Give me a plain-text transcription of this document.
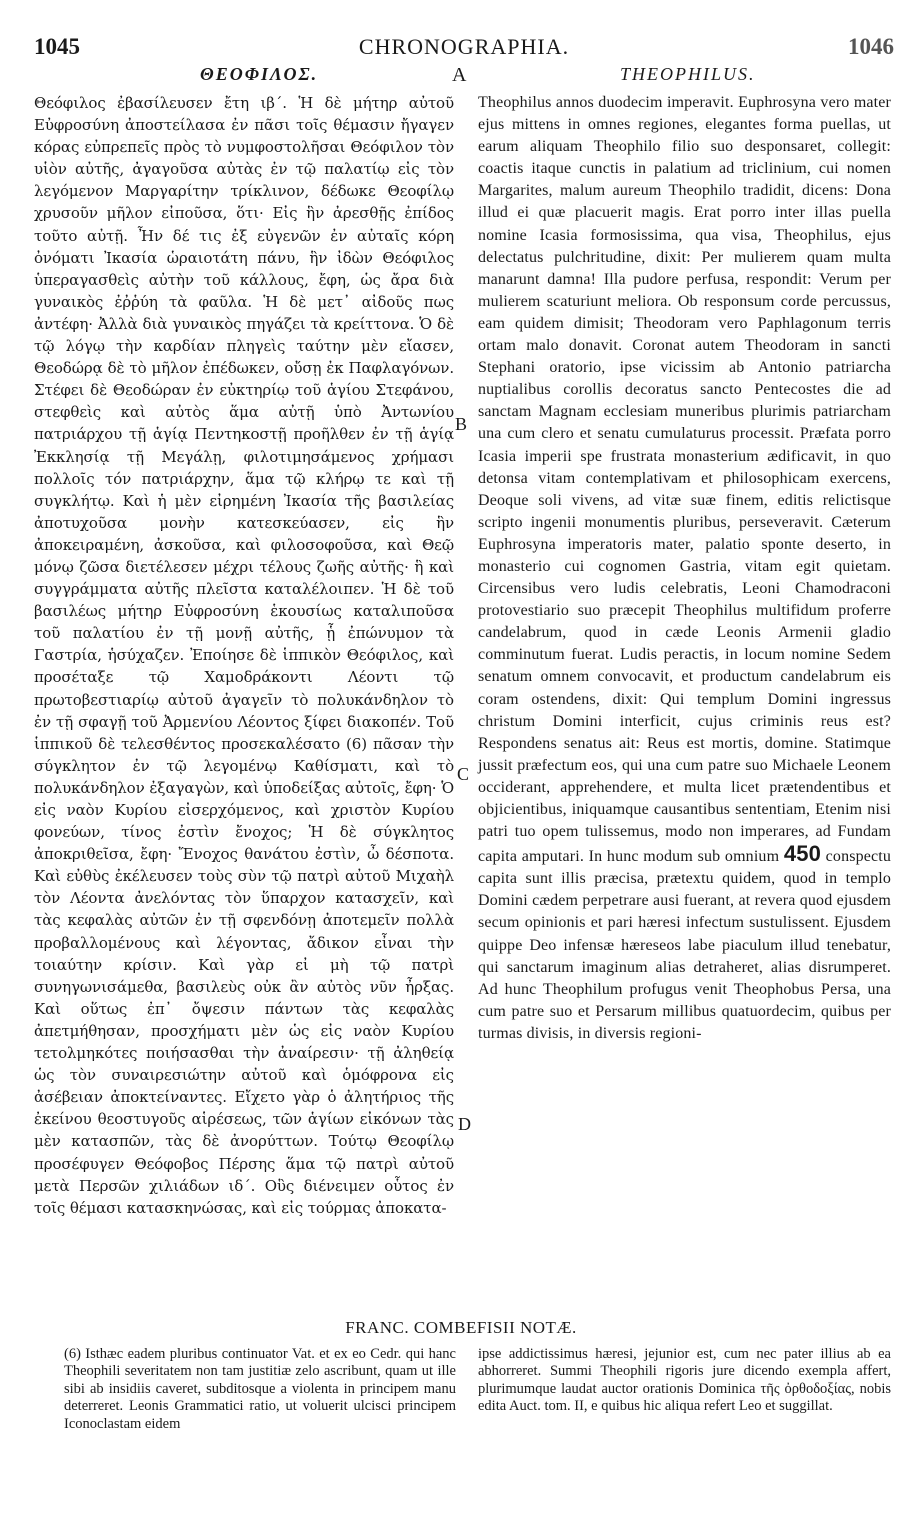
1045	CHRONOGRAPHIA.	1046
ΘΕΟΦΙΛΟΣ.	A	THEOPHILUS.
Θεόφιλος ἐβασίλευσεν ἔτη ιβ΄. Ἡ δὲ μήτηρ αὐτοῦ Εὐφροσύνη ἀποστείλασα ἐν πᾶσι τοῖς θέμασιν ἤγαγεν κόρας εὐπρεπεῖς πρὸς τὸ νυμφοστολῆσαι Θεόφιλον τὸν υἱὸν αὐτῆς, ἀγαγοῦσα αὐτὰς ἐν τῷ παλατίῳ εἰς τὸν λεγόμενον Μαργαρίτην τρίκλινον, δέδωκε Θεοφίλῳ χρυσοῦν μῆλον εἰποῦσα, ὅτι· Εἰς ἣν ἀρεσθῇς ἐπίδος τοῦτο αὐτῇ. Ἦν δέ τις ἐξ εὐγενῶν ἐν αὐταῖς κόρη ὀνόματι Ἰκασία ὡραιοτάτη πάνυ, ἣν ἰδὼν Θεόφιλος ὑπεραγασθεὶς αὐτὴν τοῦ κάλλους, ἔφη, ὡς ἄρα διὰ γυναικὸς ἐῤῥύη τὰ φαῦλα. Ἡ δὲ μετ᾽ αἰδοῦς πως ἀντέφη· Ἀλλὰ διὰ γυναικὸς πηγάζει τὰ κρείττονα. Ὁ δὲ τῷ λόγῳ τὴν καρδίαν πληγεὶς ταύτην μὲν εἴασεν, Θεοδώρᾳ δὲ τὸ μῆλον ἐπέδωκεν, οὔσῃ ἐκ Παφλαγόνων. Στέφει δὲ Θεοδώραν ἐν εὐκτηρίῳ τοῦ ἁγίου Στεφάνου, στεφθεὶς καὶ αὐτὸς ἅμα αὐτῇ ὑπὸ Ἀντωνίου πατριάρχου τῇ ἁγίᾳ Πεντηκοστῇ προῆλθεν ἐν τῇ ἁγίᾳ Ἐκκλησίᾳ τῇ Μεγάλῃ, φιλοτιμησάμενος χρήμασι πολλοῖς τόν πατριάρχην, ἅμα τῷ κλήρῳ τε καὶ τῇ συγκλήτῳ. Καὶ ἡ μὲν εἰρημένη Ἰκασία τῆς βασιλείας ἀποτυχοῦσα μονὴν κατεσκεύασεν, εἰς ἣν ἀποκειραμένη, ἀσκοῦσα, καὶ φιλοσοφοῦσα, καὶ Θεῷ μόνῳ ζῶσα διετέλεσεν μέχρι τέλους ζωῆς αὐτῆς· ἣ καὶ συγγράμματα αὐτῆς πλεῖστα καταλέλοιπεν. Ἡ δὲ τοῦ βασιλέως μήτηρ Εὐφροσύνη ἑκουσίως καταλιποῦσα τοῦ παλατίου ἐν τῇ μονῇ αὐτῆς, ᾗ ἐπώνυμον τὰ Γαστρία, ἡσύχαζεν. Ἐποίησε δὲ ἱππικὸν Θεόφιλος, καὶ προσέταξε τῷ Χαμοδράκοντι Λέοντι τῷ πρωτοβεστιαρίῳ αὐτοῦ ἀγαγεῖν τὸ πολυκάνδηλον τὸ ἐν τῇ σφαγῇ τοῦ Ἀρμενίου Λέοντος ξίφει διακοπέν. Τοῦ ἱππικοῦ δὲ τελεσθέντος προσεκαλέσατο (6) πᾶσαν τὴν σύγκλητον ἐν τῷ λεγομένῳ Καθίσματι, καὶ τὸ πολυκάνδηλον ἐξαγαγὼν, καὶ ὑποδείξας αὐτοῖς, ἔφη· Ὁ εἰς ναὸν Κυρίου εἰσερχόμενος, καὶ χριστὸν Κυρίου φονεύων, τίνος ἐστὶν ἔνοχος; Ἡ δὲ σύγκλητος ἀποκριθεῖσα, ἔφη· Ἔνοχος θανάτου ἐστὶν, ὦ δέσποτα. Καὶ εὐθὺς ἐκέλευσεν τοὺς σὺν τῷ πατρὶ αὐτοῦ Μιχαὴλ τὸν Λέοντα ἀνελόντας τὸν ὕπαρχον κατασχεῖν, καὶ τὰς κεφαλὰς αὐτῶν ἐν τῇ σφενδόνῃ ἀποτεμεῖν πολλὰ προβαλλομένους καὶ λέγοντας, ἄδικον εἶναι τὴν τοιαύτην κρίσιν. Καὶ γὰρ εἰ μὴ τῷ πατρὶ συνηγωνισάμεθα, βασιλεὺς οὐκ ἂν αὐτὸς νῦν ἦρξας. Καὶ οὕτως ἐπ᾽ ὄψεσιν πάντων τὰς κεφαλὰς ἀπετμήθησαν, προσχήματι μὲν ὡς εἰς ναὸν Κυρίου τετολμηκότες ποιήσασθαι τὴν ἀναίρεσιν· τῇ ἀληθείᾳ ὡς τὸν συναιρεσιώτην αὐτοῦ καὶ ὁμόφρονα εἰς ἀσέβειαν ἀποκτείναντες. Εἴχετο γὰρ ὁ ἀλητήριος τῆς ἐκείνου θεοστυγοῦς αἱρέσεως, τῶν ἁγίων εἰκόνων τὰς μὲν κατασπῶν, τὰς δὲ ἀνορύττων. Τούτῳ Θεοφίλῳ προσέφυγεν Θεόφοβος Πέρσης ἅμα τῷ πατρὶ αὐτοῦ μετὰ Περσῶν χιλιάδων ιδ΄. Οὓς διένειμεν οὗτος ἐν τοῖς θέμασι κατασκηνώσας, καὶ εἰς τούρμας ἀποκατα-
Theophilus annos duodecim imperavit. Euphrosyna vero mater ejus mittens in omnes regiones, elegantes forma puellas, ut earum aliquam Theophilo filio suo desponsaret, collegit: coactis itaque cunctis in palatium ad triclinium, cui nomen Margarites, malum aureum Theophilo tradidit, dicens: Dona illud ei quæ placuerit magis. Erat porro inter illas puella nomine Icasia formosissima, qua visa, Theophilus, ejus delectatus pulchritudine, dixit: Per mulierem quam multa manarunt damna! Illa pudore perfusa, respondit: Verum per mulierem scaturiunt meliora. Ob responsum corde percussus, eam quidem dimisit; Theodoram vero Paphlagonum terris ortam malo donavit. Coronat autem Theodoram in sancti Stephani oratorio, ipse vicissim ab Antonio patriarcha nuptialibus corollis decoratus sancto Pentecostes die ad sanctam Magnam ecclesiam muneribus plurimis patriarcham una cum clero et senatu cumulaturus processit. Præfata porro Icasia imperii spe frustrata monasterium ædificavit, in quo detonsa vitam contemplativam et philosophicam exercens, Deoque soli vivens, ad vitæ suæ finem, editis relictisque scripto ingenii monumentis pluribus, perseveravit. Cæterum Euphrosyna imperatoris mater, palatio sponte deserto, in monasterio cui cognomen Gastria, vitam egit quietam. Circensibus vero ludis celebratis, Leoni Chamodraconi protovestiario suo præcepit Theophilus multifidum proferre candelabrum, quod in cæde Leonis Armenii gladio comminutum fuerat. Ludis peractis, in locum nomine Sedem senatum omnem convocavit, et productum candelabrum eis coram ostendens, dixit: Qui templum Domini ingressus christum Domini interficit, cujus criminis reus est? Respondens senatus ait: Reus est mortis, domine. Statimque jussit præfectum eos, qui una cum patre suo Michaele Leonem occiderant, apprehendere, et multa licet prætendentibus et objicientibus, iniquamque causantibus sententiam, Etenim nisi patri tuo opem tulissemus, modo non imperares, ad Fundam capita amputari. In hunc modum sub omnium 450 conspectu capita sunt illis præcisa, prætextu quidem, quod in templo Domini cædem perpetrare ausi fuerant, at revera quod ejusdem secum opinionis et pari hæresi infectum sustulissent. Ejusdem quippe Deo infensæ hæreseos labe piaculum illud tenebatur, qui sanctarum imaginum alias detraheret, alias disrumperet. Ad hunc Theophilum profugus venit Theophobus Persa, una cum patre suo et Persarum millibus quatuordecim, quibus per turmas divisis, in diversis regioni-
B
C
D
FRANC. COMBEFISII NOTÆ.
(6) Isthæc eadem pluribus continuator Vat. et ex eo Cedr. qui hanc Theophili severitatem non tam justitiæ zelo ascribunt, quam ut ille sibi ab insidiis caveret, subditosque a violenta in principem manu deterreret. Leonis Grammatici ratio, ut voluerit ulcisci principem Iconoclastam eidem
ipse addictissimus hæresi, jejunior est, cum nec pater illius ab ea abhorreret. Summi Theophili rigoris jure dicendo exempla affert, plurimumque laudat auctor orationis Dominica τῆς ὀρθοδοξίας, nobis edita Auct. tom. II, e quibus hic aliqua refert Leo et suggillat.
